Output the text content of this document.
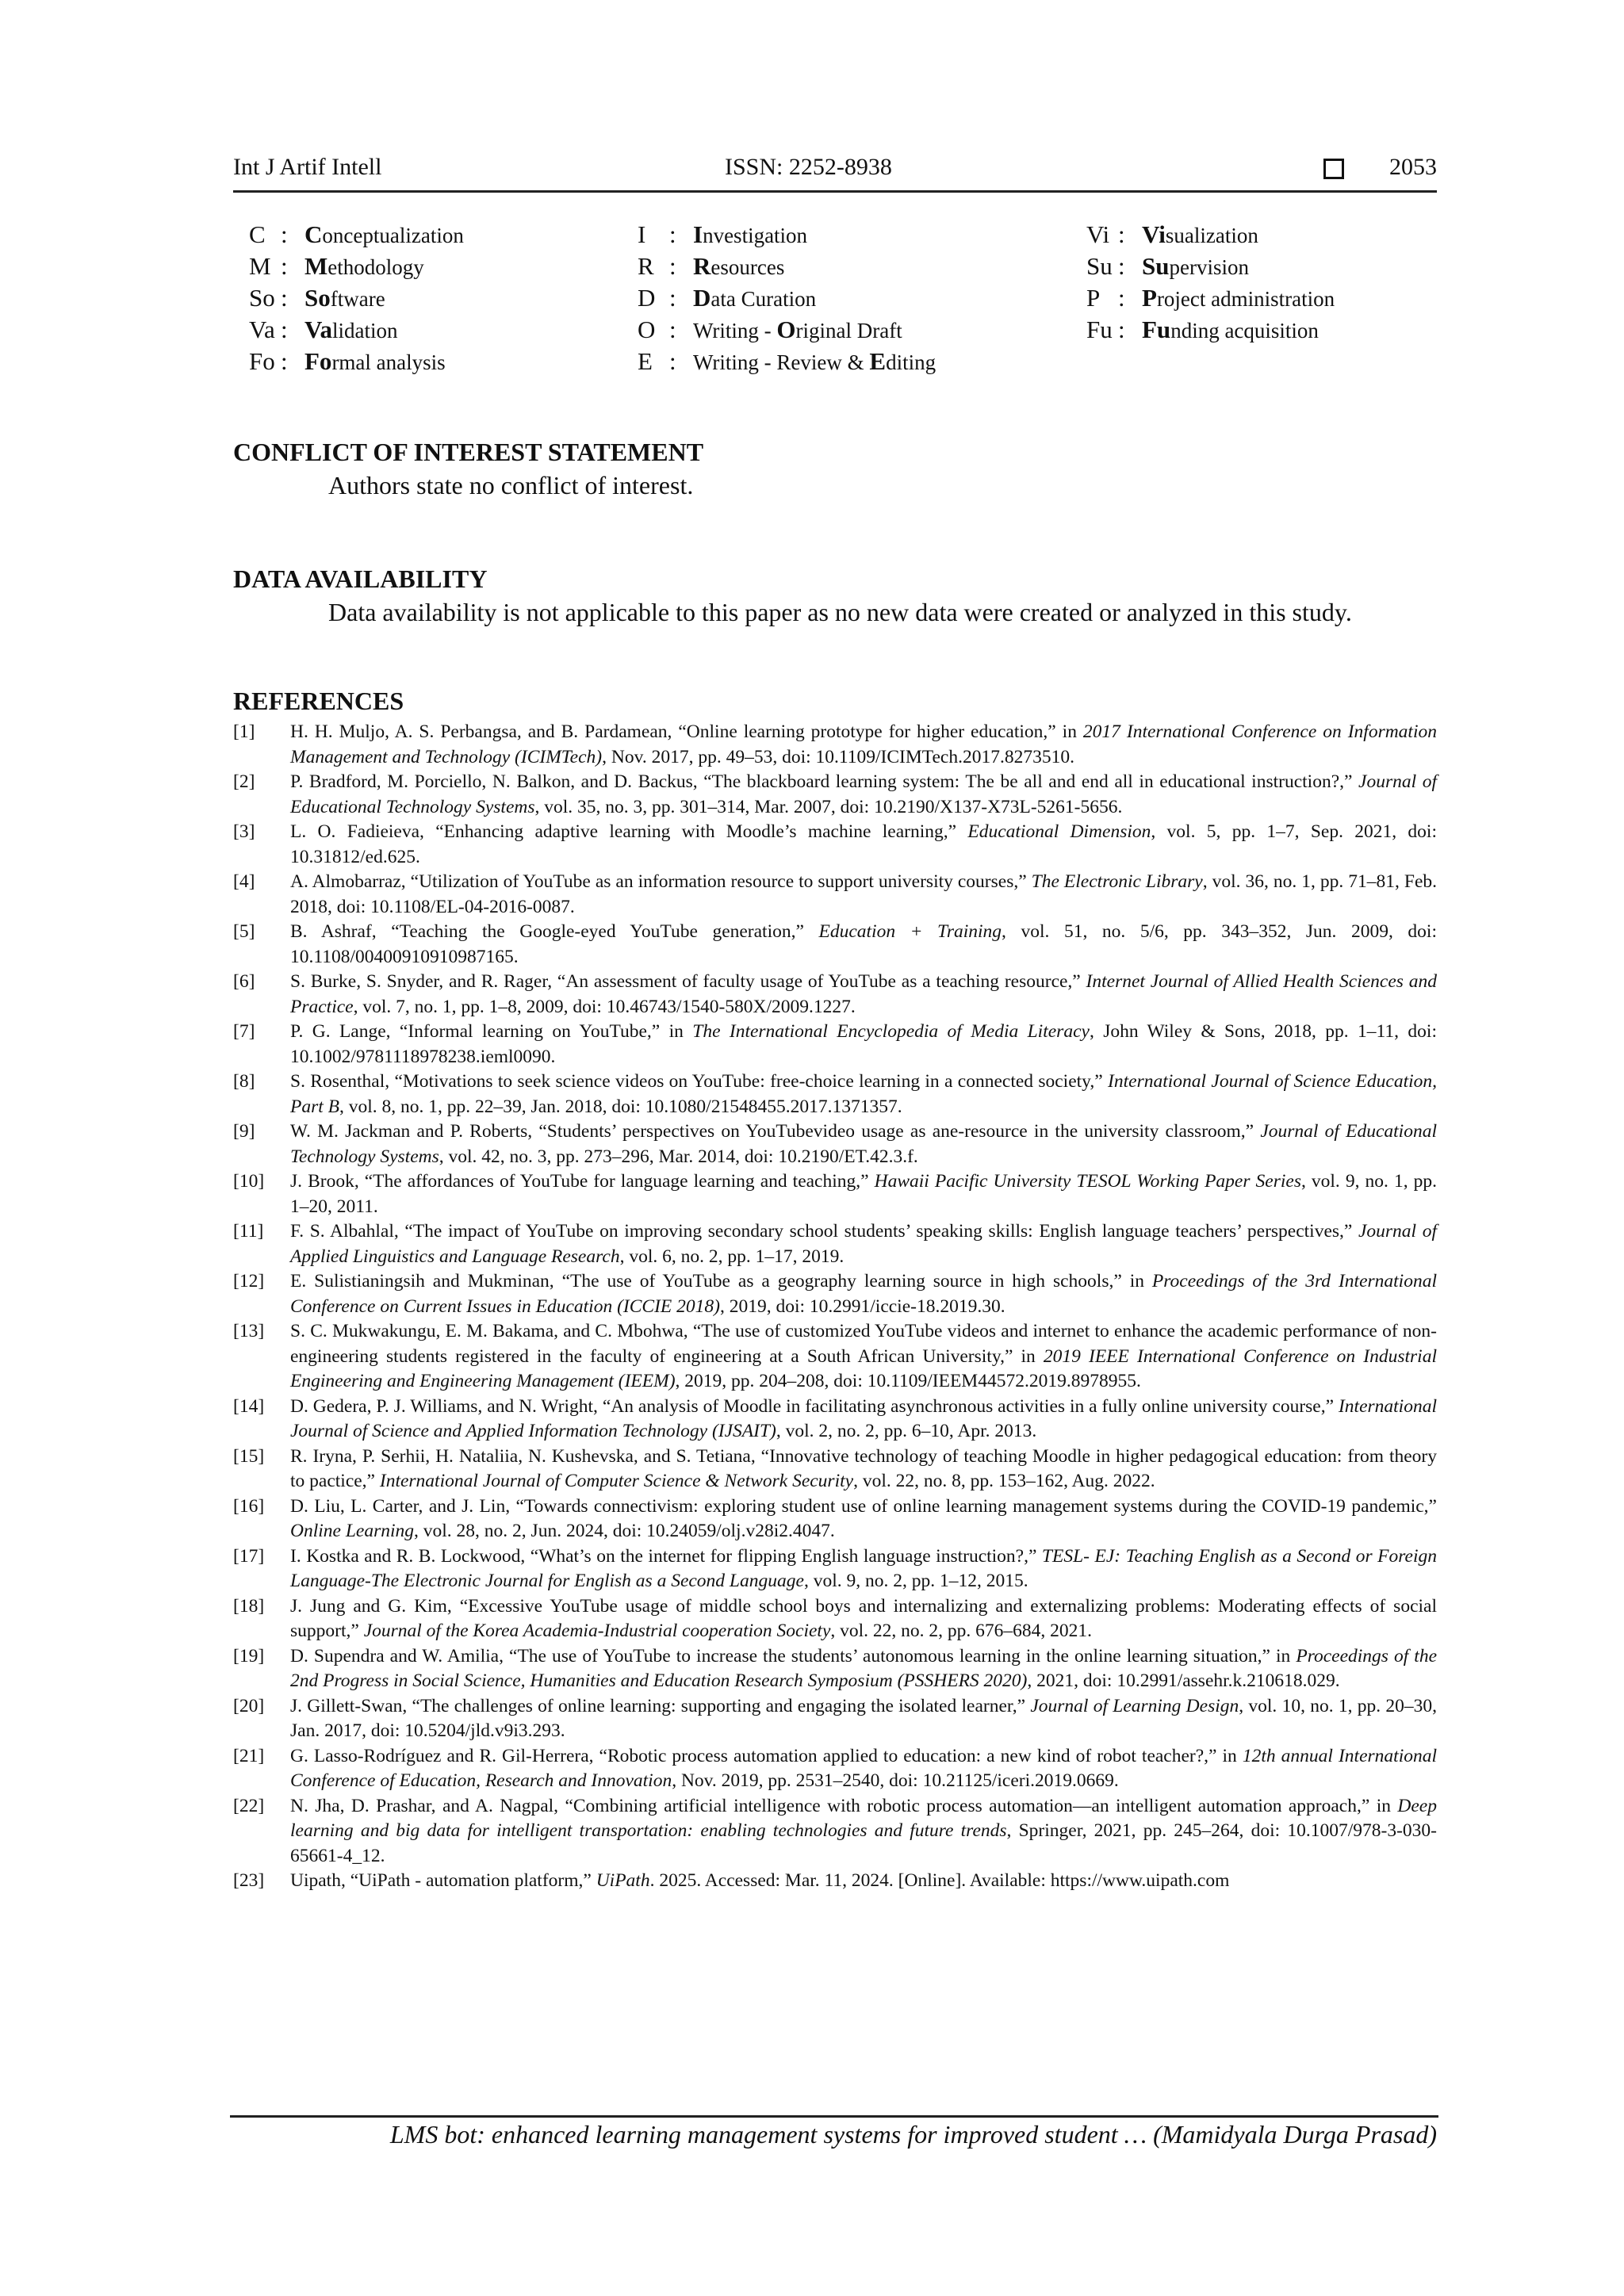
Int J Artif Intell	ISSN: 2252-8938	2053
C : Conceptualization
M : Methodology
So : Software
Va : Validation
Fo : Formal analysis
I : Investigation
R : Resources
D : Data Curation
O : Writing - Original Draft
E : Writing - Review & Editing
Vi : Visualization
Su : Supervision
P : Project administration
Fu : Funding acquisition
CONFLICT OF INTEREST STATEMENT

Authors state no conflict of interest.

DATA AVAILABILITY

Data availability is not applicable to this paper as no new data were created or analyzed in this study.

REFERENCES
[1] H. H. Muljo, A. S. Perbangsa, and B. Pardamean, “Online learning prototype for higher education,” in 2017 International Conference on Information Management and Technology (ICIMTech), Nov. 2017, pp. 49–53, doi: 10.1109/ICIMTech.2017.8273510.
[2] P. Bradford, M. Porciello, N. Balkon, and D. Backus, “The blackboard learning system: The be all and end all in educational instruction?,” Journal of Educational Technology Systems, vol. 35, no. 3, pp. 301–314, Mar. 2007, doi: 10.2190/X137-X73L-5261-5656.
[3] L. O. Fadieieva, “Enhancing adaptive learning with Moodle’s machine learning,” Educational Dimension, vol. 5, pp. 1–7, Sep. 2021, doi: 10.31812/ed.625.
[4] A. Almobarraz, “Utilization of YouTube as an information resource to support university courses,” The Electronic Library, vol. 36, no. 1, pp. 71–81, Feb. 2018, doi: 10.1108/EL-04-2016-0087.
[5] B. Ashraf, “Teaching the Google-eyed YouTube generation,” Education + Training, vol. 51, no. 5/6, pp. 343–352, Jun. 2009, doi: 10.1108/00400910910987165.
[6] S. Burke, S. Snyder, and R. Rager, “An assessment of faculty usage of YouTube as a teaching resource,” Internet Journal of Allied Health Sciences and Practice, vol. 7, no. 1, pp. 1–8, 2009, doi: 10.46743/1540-580X/2009.1227.
[7] P. G. Lange, “Informal learning on YouTube,” in The International Encyclopedia of Media Literacy, John Wiley & Sons, 2018, pp. 1–11, doi: 10.1002/9781118978238.ieml0090.
[8] S. Rosenthal, “Motivations to seek science videos on YouTube: free-choice learning in a connected society,” International Journal of Science Education, Part B, vol. 8, no. 1, pp. 22–39, Jan. 2018, doi: 10.1080/21548455.2017.1371357.
[9] W. M. Jackman and P. Roberts, “Students’ perspectives on YouTubevideo usage as ane-resource in the university classroom,” Journal of Educational Technology Systems, vol. 42, no. 3, pp. 273–296, Mar. 2014, doi: 10.2190/ET.42.3.f.
[10] J. Brook, “The affordances of YouTube for language learning and teaching,” Hawaii Pacific University TESOL Working Paper Series, vol. 9, no. 1, pp. 1–20, 2011.
[11] F. S. Albahlal, “The impact of YouTube on improving secondary school students’ speaking skills: English language teachers’ perspectives,” Journal of Applied Linguistics and Language Research, vol. 6, no. 2, pp. 1–17, 2019.
[12] E. Sulistianingsih and Mukminan, “The use of YouTube as a geography learning source in high schools,” in Proceedings of the 3rd International Conference on Current Issues in Education (ICCIE 2018), 2019, doi: 10.2991/iccie-18.2019.30.
[13] S. C. Mukwakungu, E. M. Bakama, and C. Mbohwa, “The use of customized YouTube videos and internet to enhance the academic performance of non-engineering students registered in the faculty of engineering at a South African University,” in 2019 IEEE International Conference on Industrial Engineering and Engineering Management (IEEM), 2019, pp. 204–208, doi: 10.1109/IEEM44572.2019.8978955.
[14] D. Gedera, P. J. Williams, and N. Wright, “An analysis of Moodle in facilitating asynchronous activities in a fully online university course,” International Journal of Science and Applied Information Technology (IJSAIT), vol. 2, no. 2, pp. 6–10, Apr. 2013.
[15] R. Iryna, P. Serhii, H. Nataliia, N. Kushevska, and S. Tetiana, “Innovative technology of teaching Moodle in higher pedagogical education: from theory to pactice,” International Journal of Computer Science & Network Security, vol. 22, no. 8, pp. 153–162, Aug. 2022.
[16] D. Liu, L. Carter, and J. Lin, “Towards connectivism: exploring student use of online learning management systems during the COVID-19 pandemic,” Online Learning, vol. 28, no. 2, Jun. 2024, doi: 10.24059/olj.v28i2.4047.
[17] I. Kostka and R. B. Lockwood, “What’s on the internet for flipping English language instruction?,” TESL- EJ: Teaching English as a Second or Foreign Language-The Electronic Journal for English as a Second Language, vol. 9, no. 2, pp. 1–12, 2015.
[18] J. Jung and G. Kim, “Excessive YouTube usage of middle school boys and internalizing and externalizing problems: Moderating effects of social support,” Journal of the Korea Academia-Industrial cooperation Society, vol. 22, no. 2, pp. 676–684, 2021.
[19] D. Supendra and W. Amilia, “The use of YouTube to increase the students’ autonomous learning in the online learning situation,” in Proceedings of the 2nd Progress in Social Science, Humanities and Education Research Symposium (PSSHERS 2020), 2021, doi: 10.2991/assehr.k.210618.029.
[20] J. Gillett-Swan, “The challenges of online learning: supporting and engaging the isolated learner,” Journal of Learning Design, vol. 10, no. 1, pp. 20–30, Jan. 2017, doi: 10.5204/jld.v9i3.293.
[21] G. Lasso-Rodríguez and R. Gil-Herrera, “Robotic process automation applied to education: a new kind of robot teacher?,” in 12th annual International Conference of Education, Research and Innovation, Nov. 2019, pp. 2531–2540, doi: 10.21125/iceri.2019.0669.
[22] N. Jha, D. Prashar, and A. Nagpal, “Combining artificial intelligence with robotic process automation—an intelligent automation approach,” in Deep learning and big data for intelligent transportation: enabling technologies and future trends, Springer, 2021, pp. 245–264, doi: 10.1007/978-3-030-65661-4_12.
[23] Uipath, “UiPath - automation platform,” UiPath. 2025. Accessed: Mar. 11, 2024. [Online]. Available: https://www.uipath.com
LMS bot: enhanced learning management systems for improved student … (Mamidyala Durga Prasad)
